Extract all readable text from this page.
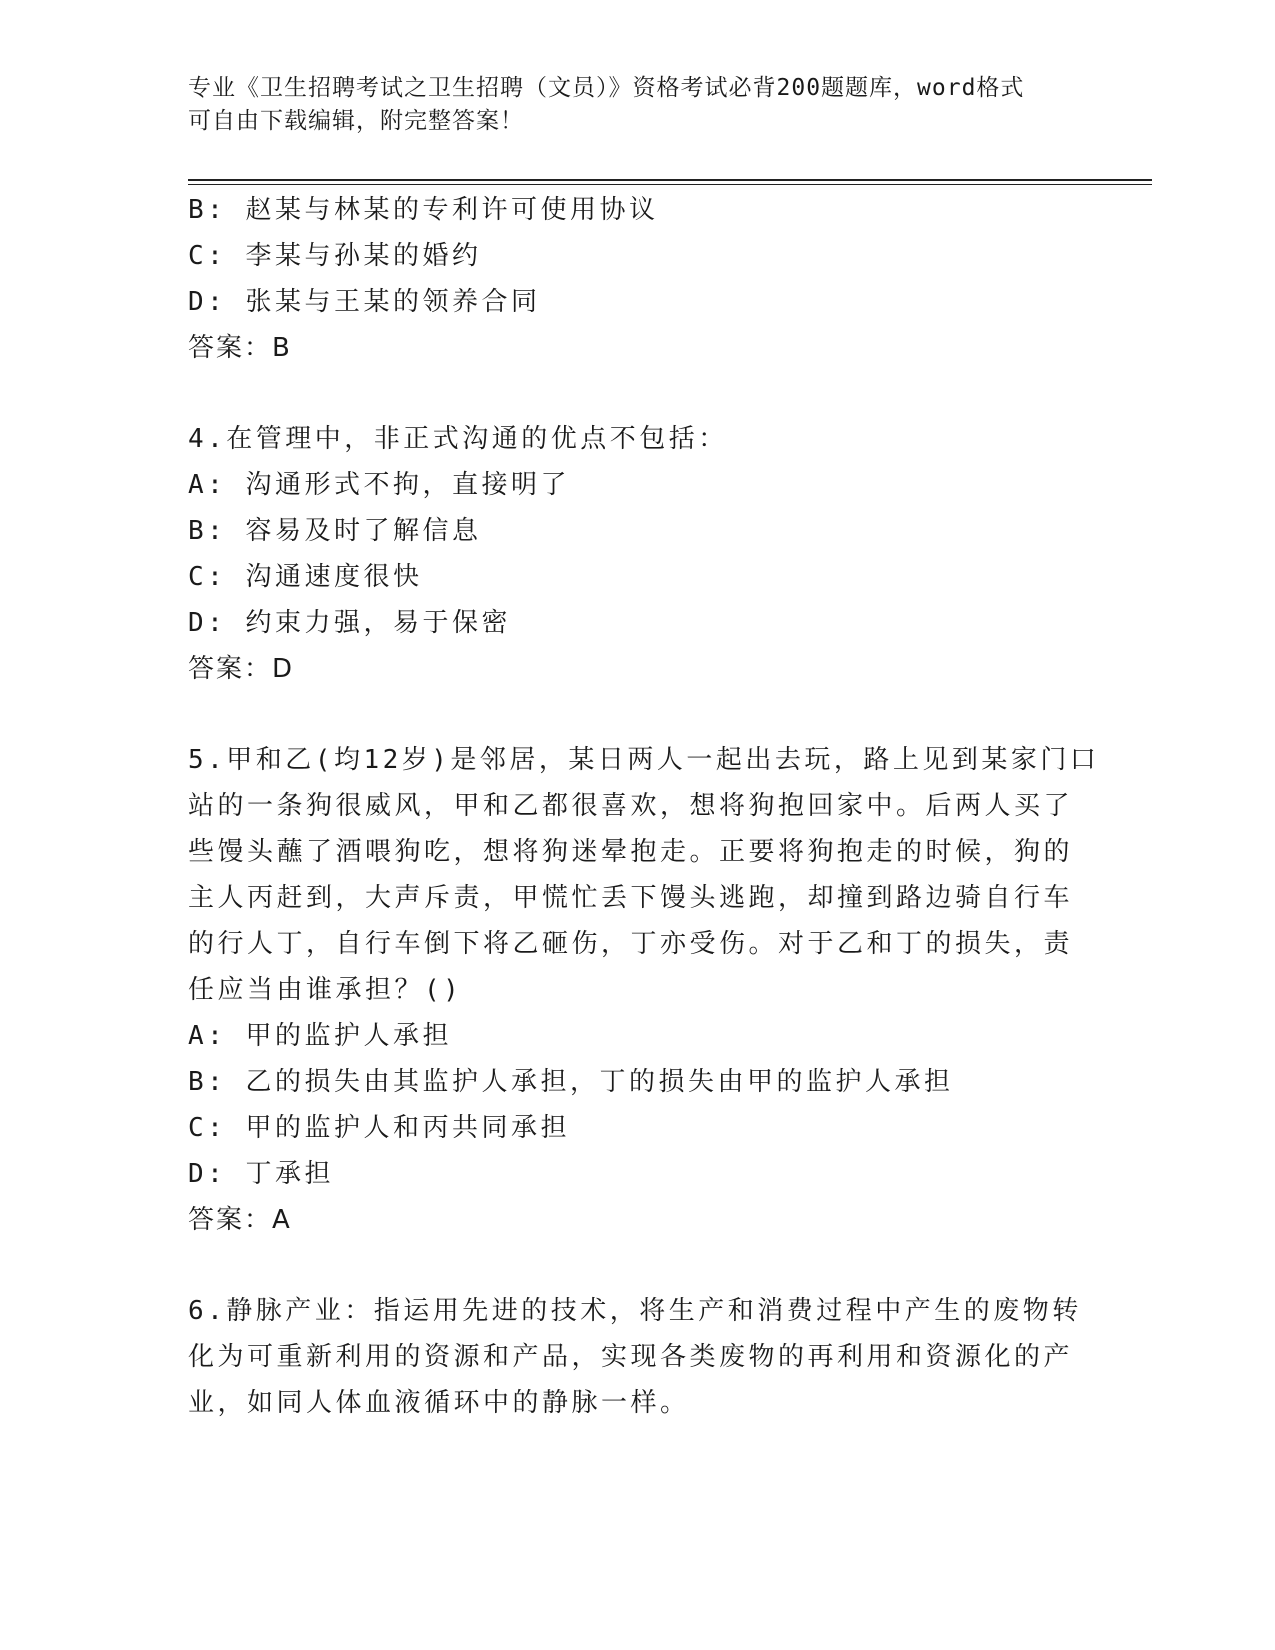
专业《卫生招聘考试之卫生招聘（文员）》资格考试必背200题题库，word格式

可自由下载编辑，附完整答案！

B: 赵某与林某的专利许可使用协议
C: 李某与孙某的婚约
D: 张某与王某的领养合同
答案：B
4.在管理中，非正式沟通的优点不包括：
A: 沟通形式不拘，直接明了
B: 容易及时了解信息
C: 沟通速度很快
D: 约束力强，易于保密
答案：D
5.甲和乙(均12岁)是邻居，某日两人一起出去玩，路上见到某家门口
站的一条狗很威风，甲和乙都很喜欢，想将狗抱回家中。后两人买了
些馒头蘸了酒喂狗吃，想将狗迷晕抱走。正要将狗抱走的时候，狗的
主人丙赶到，大声斥责，甲慌忙丢下馒头逃跑，却撞到路边骑自行车
的行人丁，自行车倒下将乙砸伤，丁亦受伤。对于乙和丁的损失，责
任应当由谁承担？()
A: 甲的监护人承担
B: 乙的损失由其监护人承担，丁的损失由甲的监护人承担
C: 甲的监护人和丙共同承担
D: 丁承担
答案：A
6.静脉产业：指运用先进的技术，将生产和消费过程中产生的废物转
化为可重新利用的资源和产品，实现各类废物的再利用和资源化的产
业，如同人体血液循环中的静脉一样。
